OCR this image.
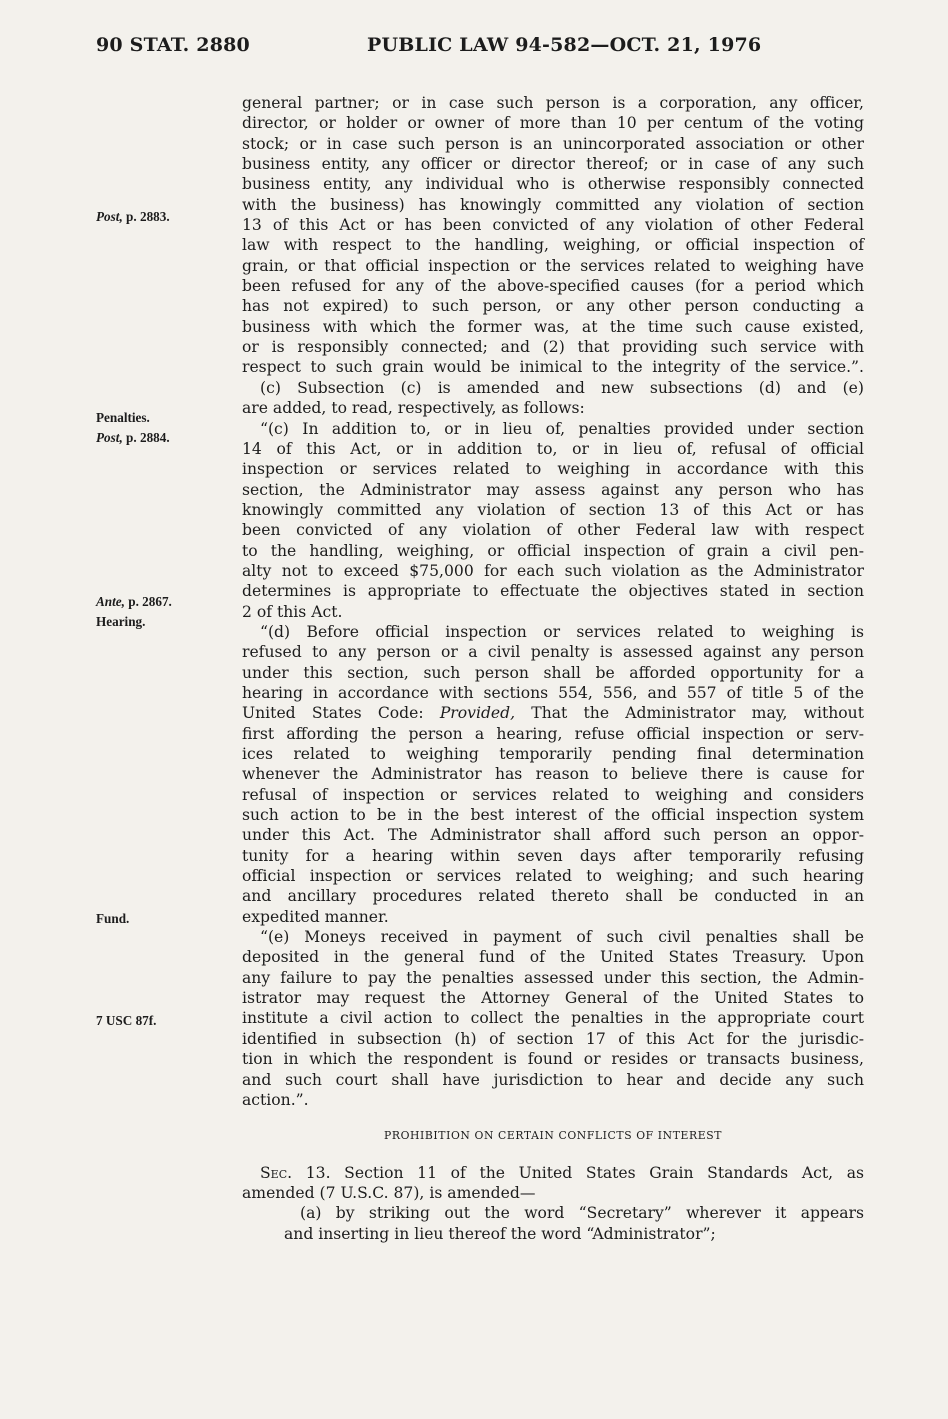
90 STAT. 2880	PUBLIC LAW 94-582—OCT. 21, 1976
Post, p. 2883.
Penalties.
Post, p. 2884.
Ante, p. 2867.
Hearing.
Fund.
7 USC 87f.
general partner; or in case such person is a corporation, any officer,
director, or holder or owner of more than 10 per centum of the voting
stock; or in case such person is an unincorporated association or other
business entity, any officer or director thereof; or in case of any such
business entity, any individual who is otherwise responsibly connected
with the business) has knowingly committed any violation of section
13 of this Act or has been convicted of any violation of other Federal
law with respect to the handling, weighing, or official inspection of
grain, or that official inspection or the services related to weighing have
been refused for any of the above-specified causes (for a period which
has not expired) to such person, or any other person conducting a
business with which the former was, at the time such cause existed,
or is responsibly connected; and (2) that providing such service with
respect to such grain would be inimical to the integrity of the service.”.
(c) Subsection (c) is amended and new subsections (d) and (e)
are added, to read, respectively, as follows:
“(c) In addition to, or in lieu of, penalties provided under section
14 of this Act, or in addition to, or in lieu of, refusal of official
inspection or services related to weighing in accordance with this
section, the Administrator may assess against any person who has
knowingly committed any violation of section 13 of this Act or has
been convicted of any violation of other Federal law with respect
to the handling, weighing, or official inspection of grain a civil pen-
alty not to exceed $75,000 for each such violation as the Administrator
determines is appropriate to effectuate the objectives stated in section
2 of this Act.
“(d) Before official inspection or services related to weighing is
refused to any person or a civil penalty is assessed against any person
under this section, such person shall be afforded opportunity for a
hearing in accordance with sections 554, 556, and 557 of title 5 of the
United States Code: Provided, That the Administrator may, without
first affording the person a hearing, refuse official inspection or serv-
ices related to weighing temporarily pending final determination
whenever the Administrator has reason to believe there is cause for
refusal of inspection or services related to weighing and considers
such action to be in the best interest of the official inspection system
under this Act. The Administrator shall afford such person an oppor-
tunity for a hearing within seven days after temporarily refusing
official inspection or services related to weighing; and such hearing
and ancillary procedures related thereto shall be conducted in an
expedited manner.
“(e) Moneys received in payment of such civil penalties shall be
deposited in the general fund of the United States Treasury. Upon
any failure to pay the penalties assessed under this section, the Admin-
istrator may request the Attorney General of the United States to
institute a civil action to collect the penalties in the appropriate court
identified in subsection (h) of section 17 of this Act for the jurisdic-
tion in which the respondent is found or resides or transacts business,
and such court shall have jurisdiction to hear and decide any such
action.”.
PROHIBITION ON CERTAIN CONFLICTS OF INTEREST
Sec. 13. Section 11 of the United States Grain Standards Act, as
amended (7 U.S.C. 87), is amended—
(a) by striking out the word “Secretary” wherever it appears
and inserting in lieu thereof the word “Administrator”;
